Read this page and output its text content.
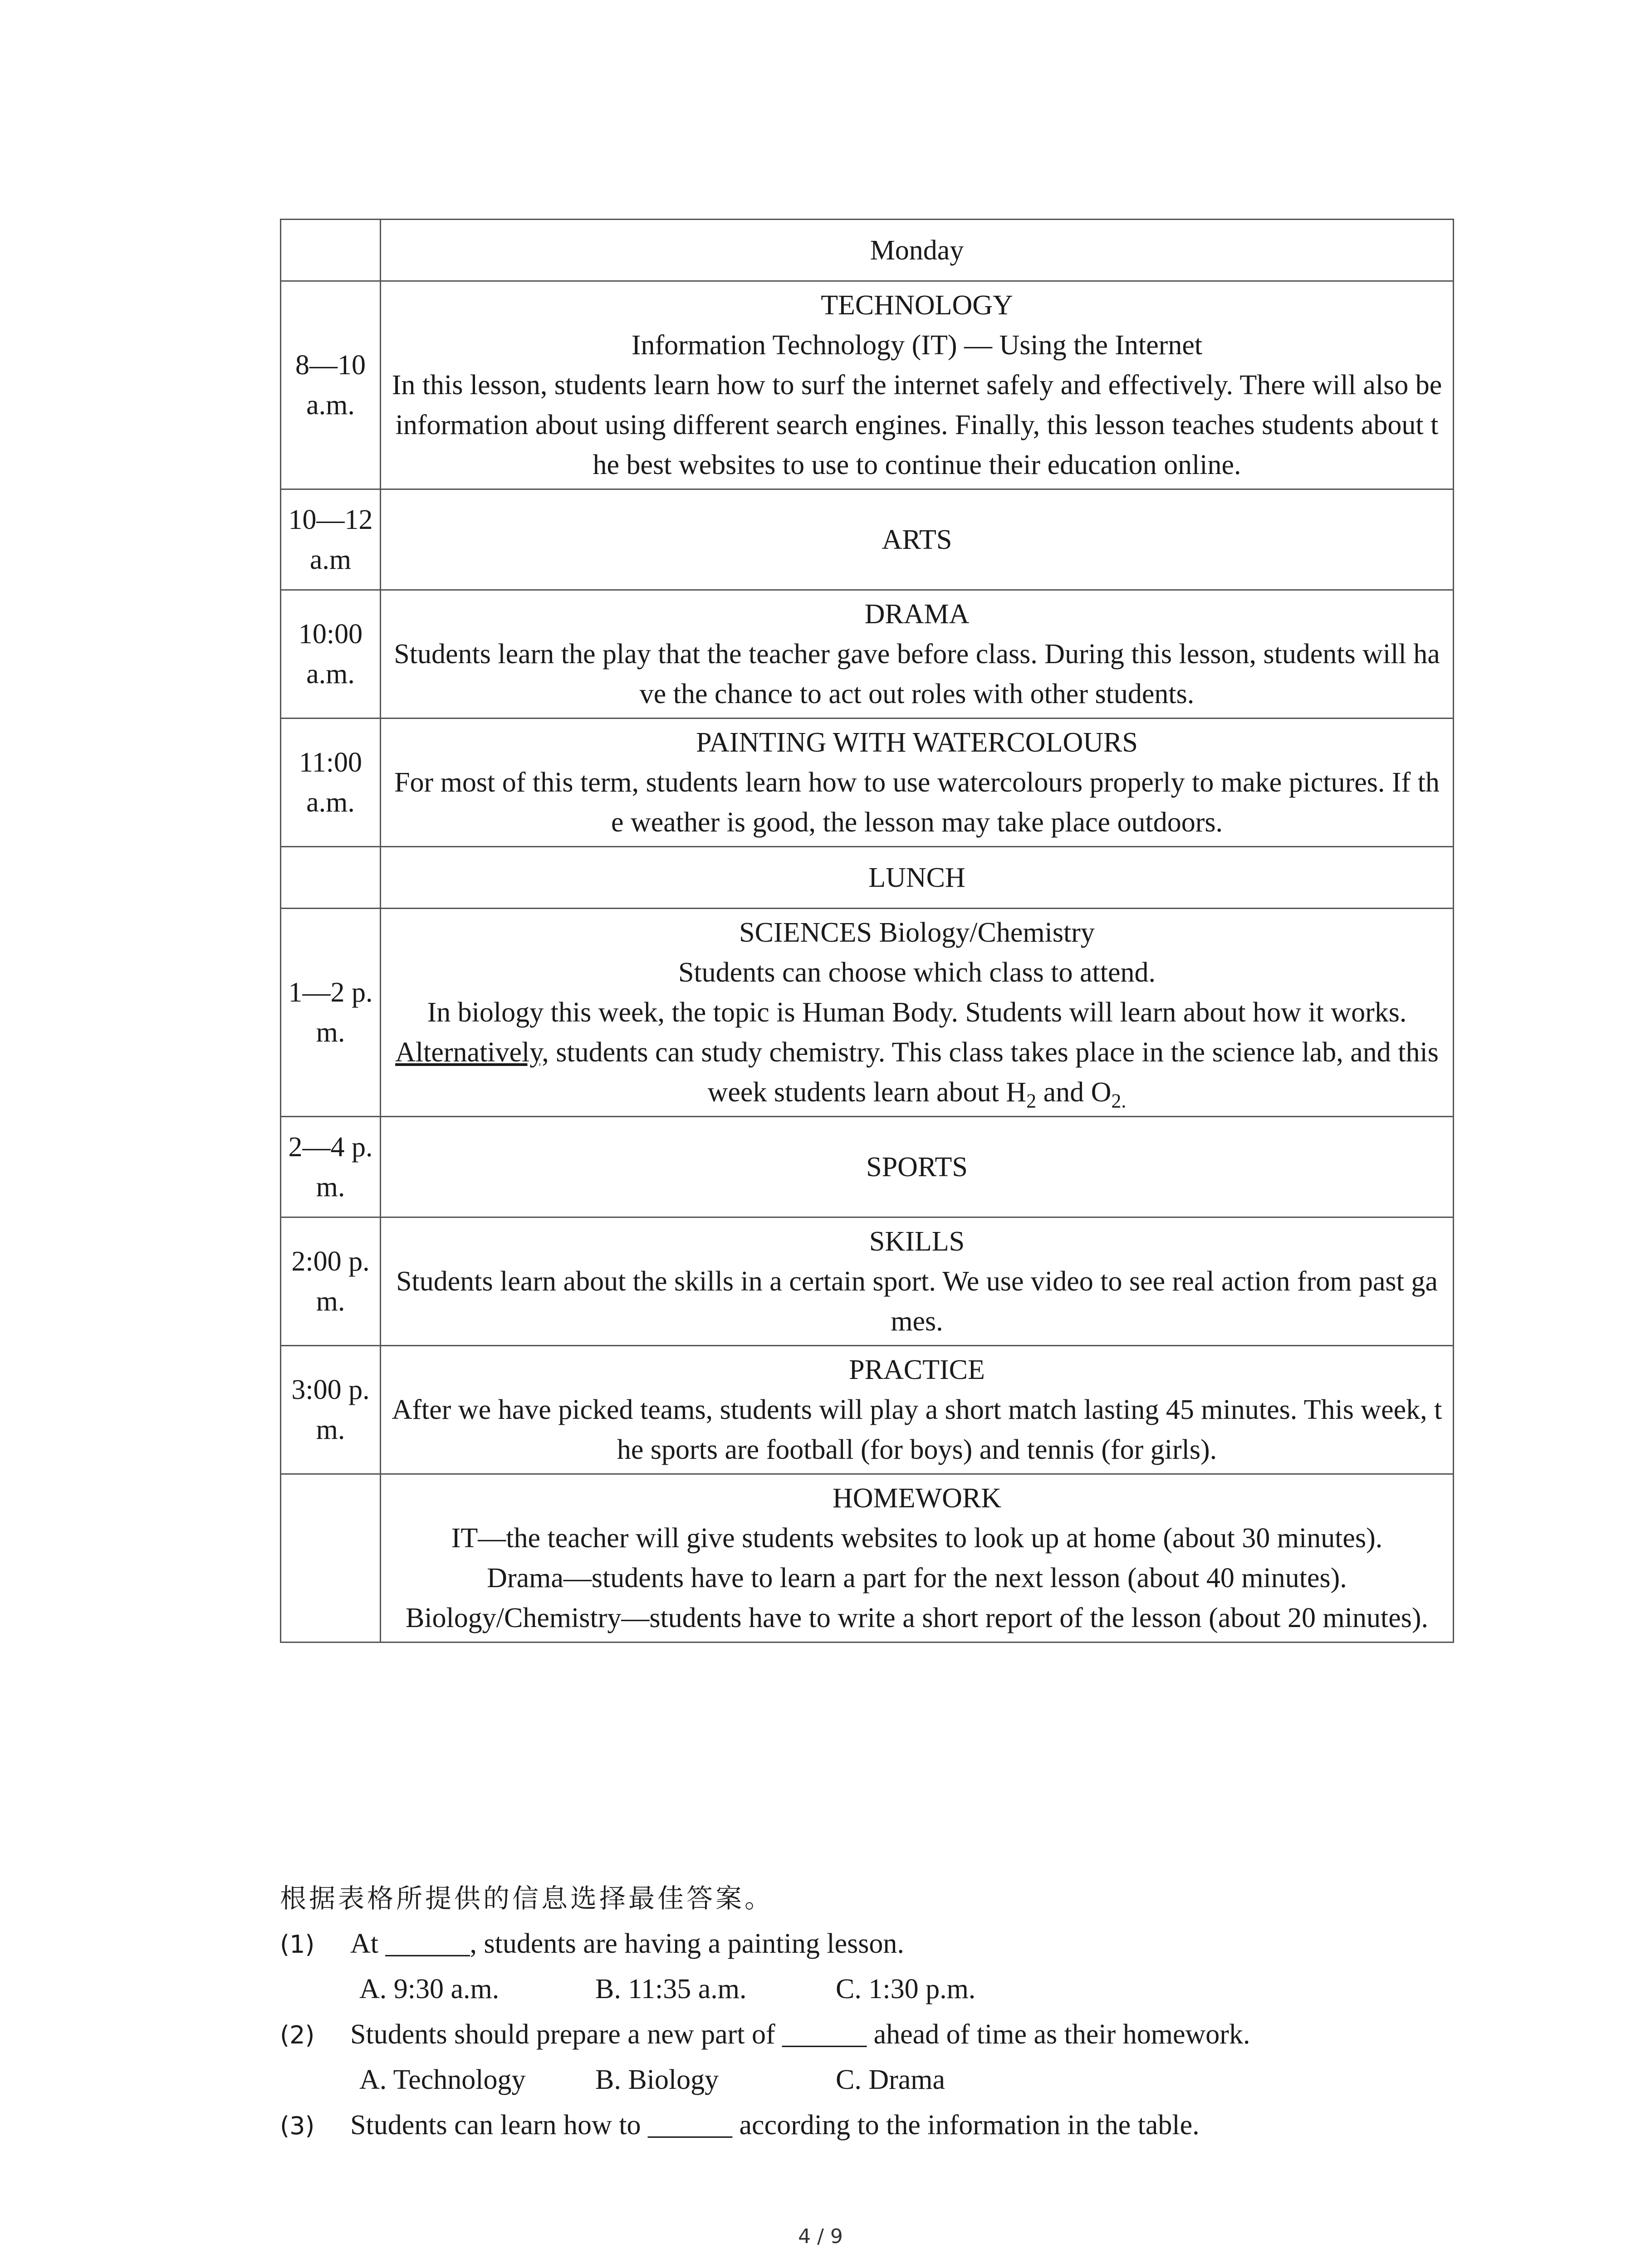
	Monday
8—10 a.m.	TECHNOLOGY
Information Technology (IT) — Using the Internet
In this lesson, students learn how to surf the internet safely and effectively. There will also be information about using different search engines. Finally, this lesson teaches students about the best websites to use to continue their education online.

10—12 a.m	ARTS
10:00 a.m.	DRAMA
Students learn the play that the teacher gave before class. During this lesson, students will have the chance to act out roles with other students.

11:00 a.m.	PAINTING WITH WATERCOLOURS
For most of this term, students learn how to use watercolours properly to make pictures. If the weather is good, the lesson may take place outdoors.

	LUNCH
1—2 p.m.	SCIENCES Biology/Chemistry
Students can choose which class to attend.
In biology this week, the topic is Human Body. Students will learn about how it works.
Alternatively, students can study chemistry. This class takes place in the science lab, and this week students learn about $H_2$ and $O_{2.}$

2—4 p.m.	SPORTS
2:00 p.m.	SKILLS
Students learn about the skills in a certain sport. We use video to see real action from past games.

3:00 p.m.	PRACTICE
After we have picked teams, students will play a short match lasting 45 minutes. This week, the sports are football (for boys) and tennis (for girls).

	HOMEWORK
IT—the teacher will give students websites to look up at home (about 30 minutes).
Drama—students have to learn a part for the next lesson (about 40 minutes).
Biology/Chemistry—students have to write a short report of the lesson (about 20 minutes).
根据表格所提供的信息选择最佳答案。
(1) At ______, students are having a painting lesson.
A. 9:30 a.m.	B. 11:35 a.m.	C. 1:30 p.m.
(2) Students should prepare a new part of ______ ahead of time as their homework.
A. Technology B. Biology	C. Drama
(3) Students can learn how to ______ according to the information in the table.
4 / 9
